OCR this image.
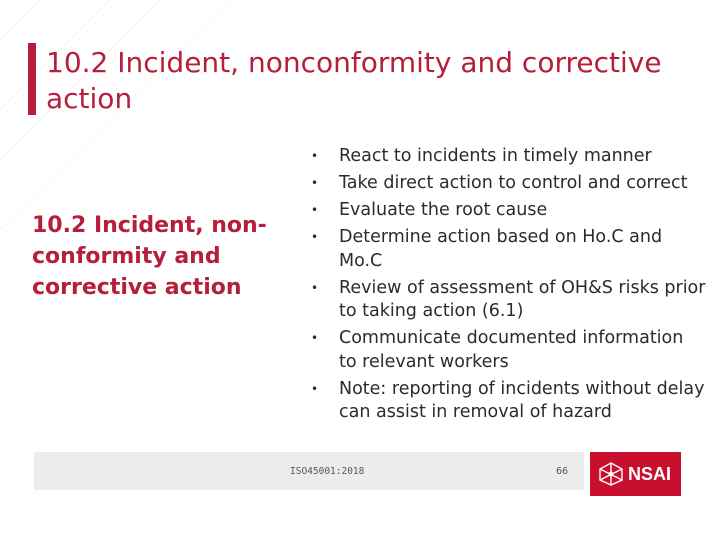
10.2 Incident, nonconformity and corrective action

10.2 Incident, non-conformity and corrective action

• React to incidents in timely manner
• Take direct action to control and correct
• Evaluate the root cause
• Determine action based on Ho.C and Mo.C
• Review of assessment of OH&S risks prior to taking action (6.1)
• Communicate documented information to relevant workers
• Note: reporting of incidents without delay can assist in removal of hazard
ISO45001:2018	66	NSAI
